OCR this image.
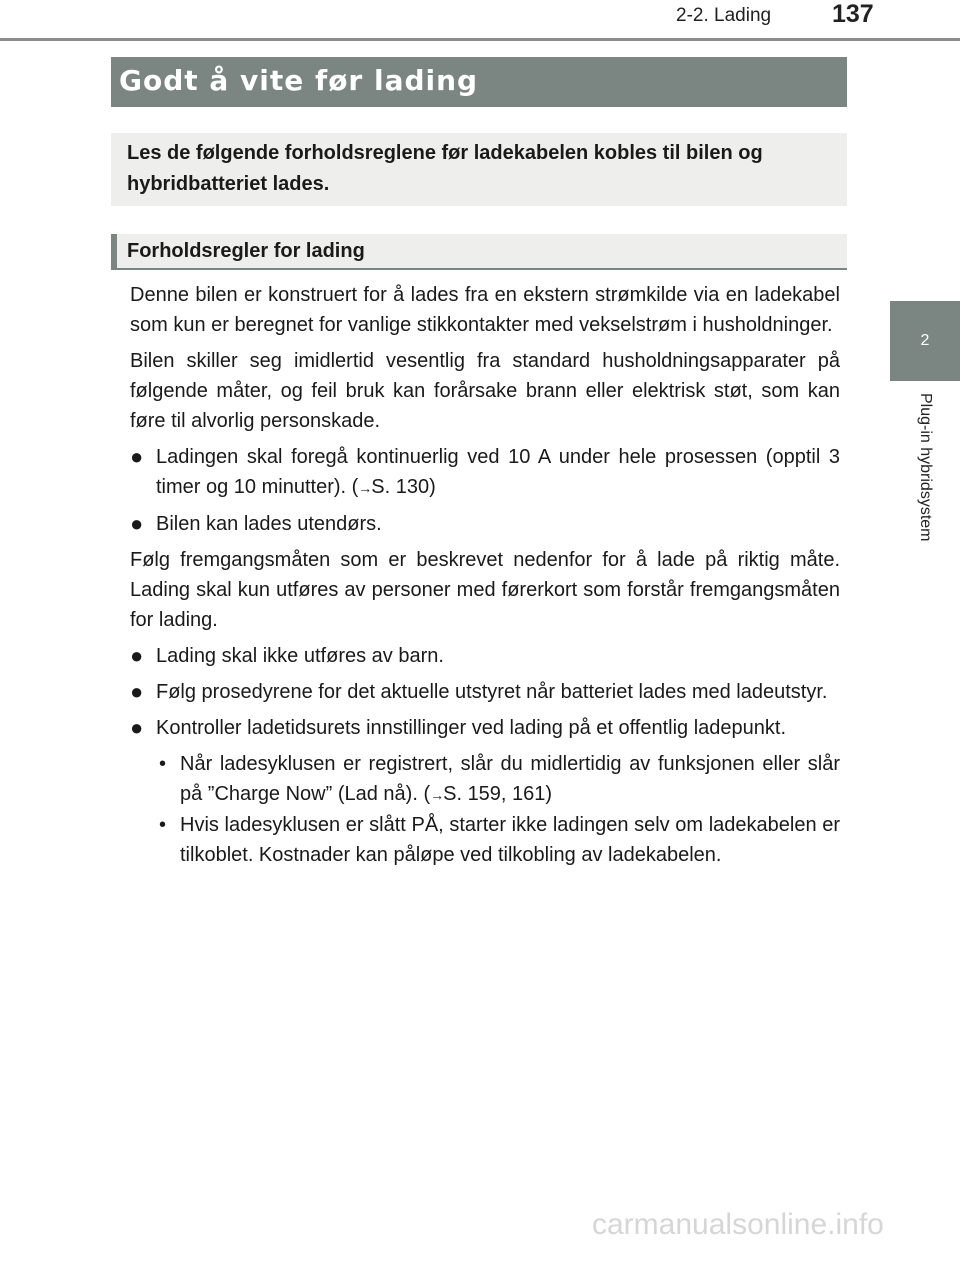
2-2. Lading 137
2
Plug-in hybridsystem
Godt å vite før lading
Les de følgende forholdsreglene før ladekabelen kobles til bilen og hybridbatteriet lades.
Forholdsregler for lading

Denne bilen er konstruert for å lades fra en ekstern strømkilde via en ladekabel som kun er beregnet for vanlige stikkontakter med vekselstrøm i husholdninger.

Bilen skiller seg imidlertid vesentlig fra standard husholdningsapparater på følgende måter, og feil bruk kan forårsake brann eller elektrisk støt, som kan føre til alvorlig personskade.

● Ladingen skal foregå kontinuerlig ved 10 A under hele prosessen (opptil 3 timer og 10 minutter). (→S. 130)
● Bilen kan lades utendørs.

Følg fremgangsmåten som er beskrevet nedenfor for å lade på riktig måte. Lading skal kun utføres av personer med førerkort som forstår fremgangsmåten for lading.

● Lading skal ikke utføres av barn.
● Følg prosedyrene for det aktuelle utstyret når batteriet lades med ladeutstyr.
● Kontroller ladetidsurets innstillinger ved lading på et offentlig ladepunkt.
• Når ladesyklusen er registrert, slår du midlertidig av funksjonen eller slår på ”Charge Now” (Lad nå). (→S. 159, 161)
• Hvis ladesyklusen er slått PÅ, starter ikke ladingen selv om ladekabelen er tilkoblet. Kostnader kan påløpe ved tilkobling av ladekabelen.
carmanualsonline.info
